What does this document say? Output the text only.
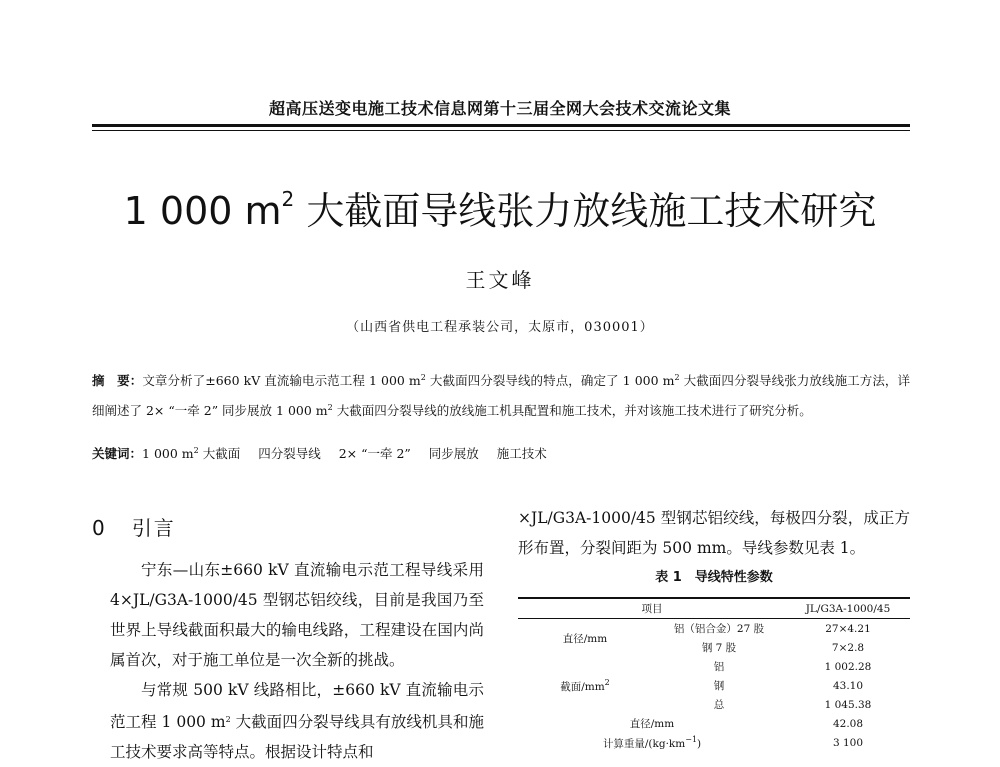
超高压送变电施工技术信息网第十三届全网大会技术交流论文集
1 000 $m^2$ 大截面导线张力放线施工技术研究
王文峰
（山西省供电工程承装公司，太原市，030001）
摘　要：文章分析了±660 kV 直流输电示范工程 1 000 $m^2$ 大截面四分裂导线的特点，确定了 1 000 $m^2$ 大截面四分裂导线张力放线施工方法，详细阐述了 2× “一牵 2” 同步展放 1 000 $m^2$ 大截面四分裂导线的放线施工机具配置和施工技术，并对该施工技术进行了研究分析。
关键词：1 000 $m^2$ 大截面 四分裂导线 2× “一牵 2” 同步展放 施工技术
0 引言

宁东—山东±660 kV 直流输电示范工程导线采用 4×JL/G3A-1000/45 型钢芯铝绞线，目前是我国乃至世界上导线截面积最大的输电线路，工程建设在国内尚属首次，对于施工单位是一次全新的挑战。

与常规 500 kV 线路相比，±660 kV 直流输电示范工程 1 000 $m^2$ 大截面四分裂导线具有放线机具和施工技术要求高等特点。根据设计特点和

×JL/G3A-1000/45 型钢芯铝绞线，每极四分裂，成正方形布置，分裂间距为 500 mm。导线参数见表 1。

表 1　导线特性参数
项目		JL/G3A-1000/45
直径/mm	铝（铝合金）27 股	27×4.21
	钢 7 股	7×2.8
截面$/mm^2$	铝	1 002.28
	钢	43.10
	总	1 045.38
直径/mm		42.08
计算重量$/(kg\cdot km^{-1})$		3 100
